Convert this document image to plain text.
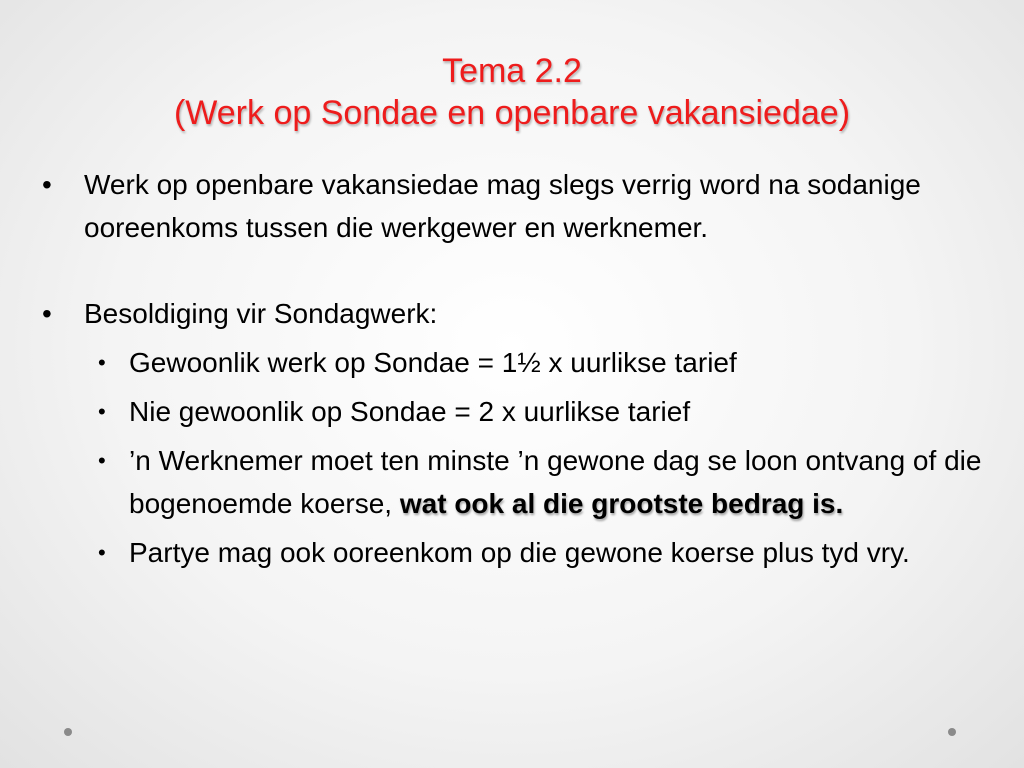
Tema 2.2
(Werk op Sondae en openbare vakansiedae)
• Werk op openbare vakansiedae mag slegs verrig word na sodanige ooreenkoms tussen die werkgewer en werknemer.
• Besoldiging vir Sondagwerk:
• Gewoonlik werk op Sondae = 1½ x uurlikse tarief
• Nie gewoonlik op Sondae = 2 x uurlikse tarief
• ’n Werknemer moet ten minste ’n gewone dag se loon ontvang of die bogenoemde koerse, wat ook al die grootste bedrag is.
• Partye mag ook ooreenkom op die gewone koerse plus tyd vry.
